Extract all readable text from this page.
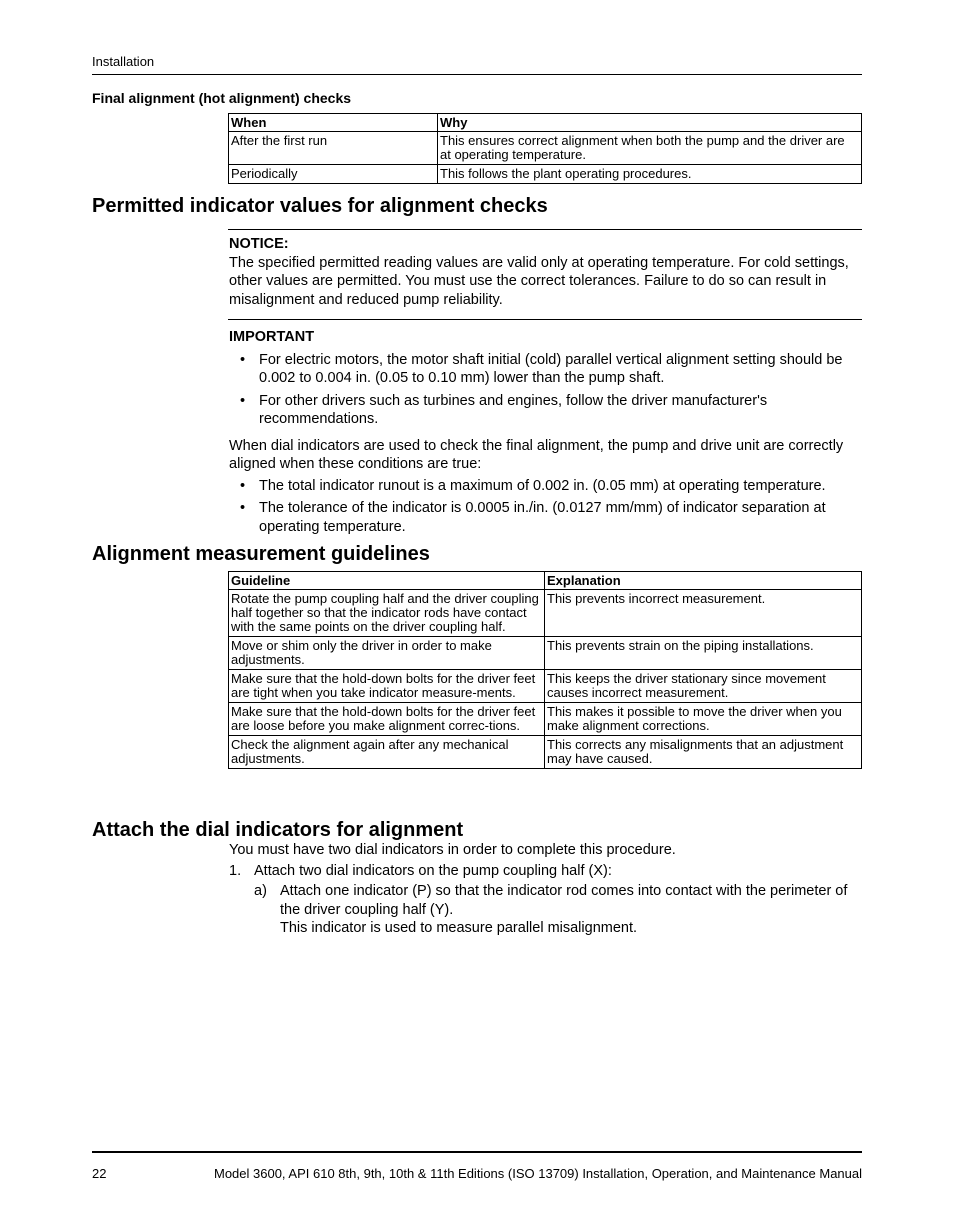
Installation
Final alignment (hot alignment) checks
When	Why
After the first run	This ensures correct alignment when both the pump and the driver are at operating temperature.
Periodically	This follows the plant operating procedures.
Permitted indicator values for alignment checks
NOTICE:
The specified permitted reading values are valid only at operating temperature. For cold settings, other values are permitted. You must use the correct tolerances. Failure to do so can result in misalignment and reduced pump reliability.
IMPORTANT
• For electric motors, the motor shaft initial (cold) parallel vertical alignment setting should be 0.002 to 0.004 in. (0.05 to 0.10 mm) lower than the pump shaft.
• For other drivers such as turbines and engines, follow the driver manufacturer's recommendations.
When dial indicators are used to check the final alignment, the pump and drive unit are correctly aligned when these conditions are true:
• The total indicator runout is a maximum of 0.002 in. (0.05 mm) at operating temperature.
• The tolerance of the indicator is 0.0005 in./in. (0.0127 mm/mm) of indicator separation at operating temperature.
Alignment measurement guidelines
Guideline	Explanation
Rotate the pump coupling half and the driver coupling half together so that the indicator rods have contact with the same points on the driver coupling half.	This prevents incorrect measurement.
Move or shim only the driver in order to make adjustments.	This prevents strain on the piping installations.
Make sure that the hold-down bolts for the driver feet are tight when you take indicator measure-ments.	This keeps the driver stationary since movement causes incorrect measurement.
Make sure that the hold-down bolts for the driver feet are loose before you make alignment correc-tions.	This makes it possible to move the driver when you make alignment corrections.
Check the alignment again after any mechanical adjustments.	This corrects any misalignments that an adjustment may have caused.
Attach the dial indicators for alignment
You must have two dial indicators in order to complete this procedure.
1. Attach two dial indicators on the pump coupling half (X):
a) Attach one indicator (P) so that the indicator rod comes into contact with the perimeter of the driver coupling half (Y).
This indicator is used to measure parallel misalignment.
22	Model 3600, API 610 8th, 9th, 10th & 11th Editions (ISO 13709) Installation, Operation, and Maintenance Manual
